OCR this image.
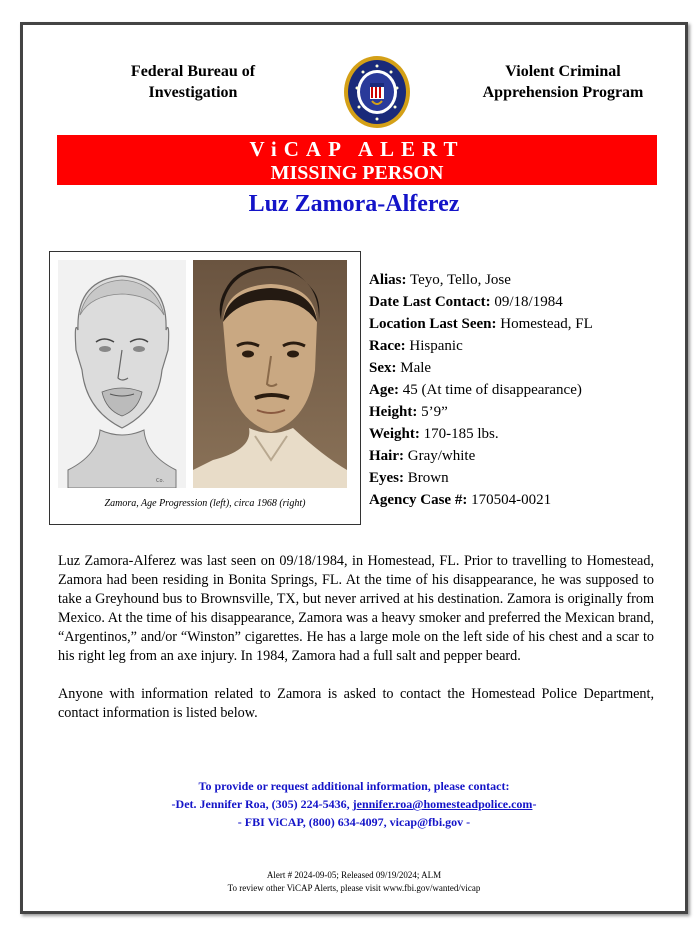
Federal Bureau of
Investigation
Violent Criminal
Apprehension Program
ViCAP ALERT
MISSING PERSON
Luz Zamora-Alferez
Co.
Zamora, Age Progression (left), circa 1968 (right)
Alias: Teyo, Tello, Jose
Date Last Contact: 09/18/1984
Location Last Seen: Homestead, FL
Race: Hispanic
Sex: Male
Age: 45 (At time of disappearance)
Height: 5’9”
Weight: 170-185 lbs.
Hair: Gray/white
Eyes: Brown
Agency Case #: 170504-0021

Luz Zamora-Alferez was last seen on 09/18/1984, in Homestead, FL. Prior to travelling to Homestead, Zamora had been residing in Bonita Springs, FL. At the time of his disappearance, he was supposed to take a Greyhound bus to Brownsville, TX, but never arrived at his destination. Zamora is originally from Mexico. At the time of his disappearance, Zamora was a heavy smoker and preferred the Mexican brand, “Argentinos,” and/or “Winston” cigarettes. He has a large mole on the left side of his chest and a scar to his right leg from an axe injury. In 1984, Zamora had a full salt and pepper beard.

Anyone with information related to Zamora is asked to contact the Homestead Police Department, contact information is listed below.

To provide or request additional information, please contact:
-Det. Jennifer Roa, (305) 224-5436, jennifer.roa@homesteadpolice.com-
- FBI ViCAP, (800) 634-4097, vicap@fbi.gov -
Alert # 2024-09-05; Released 09/19/2024; ALM
To review other ViCAP Alerts, please visit www.fbi.gov/wanted/vicap
